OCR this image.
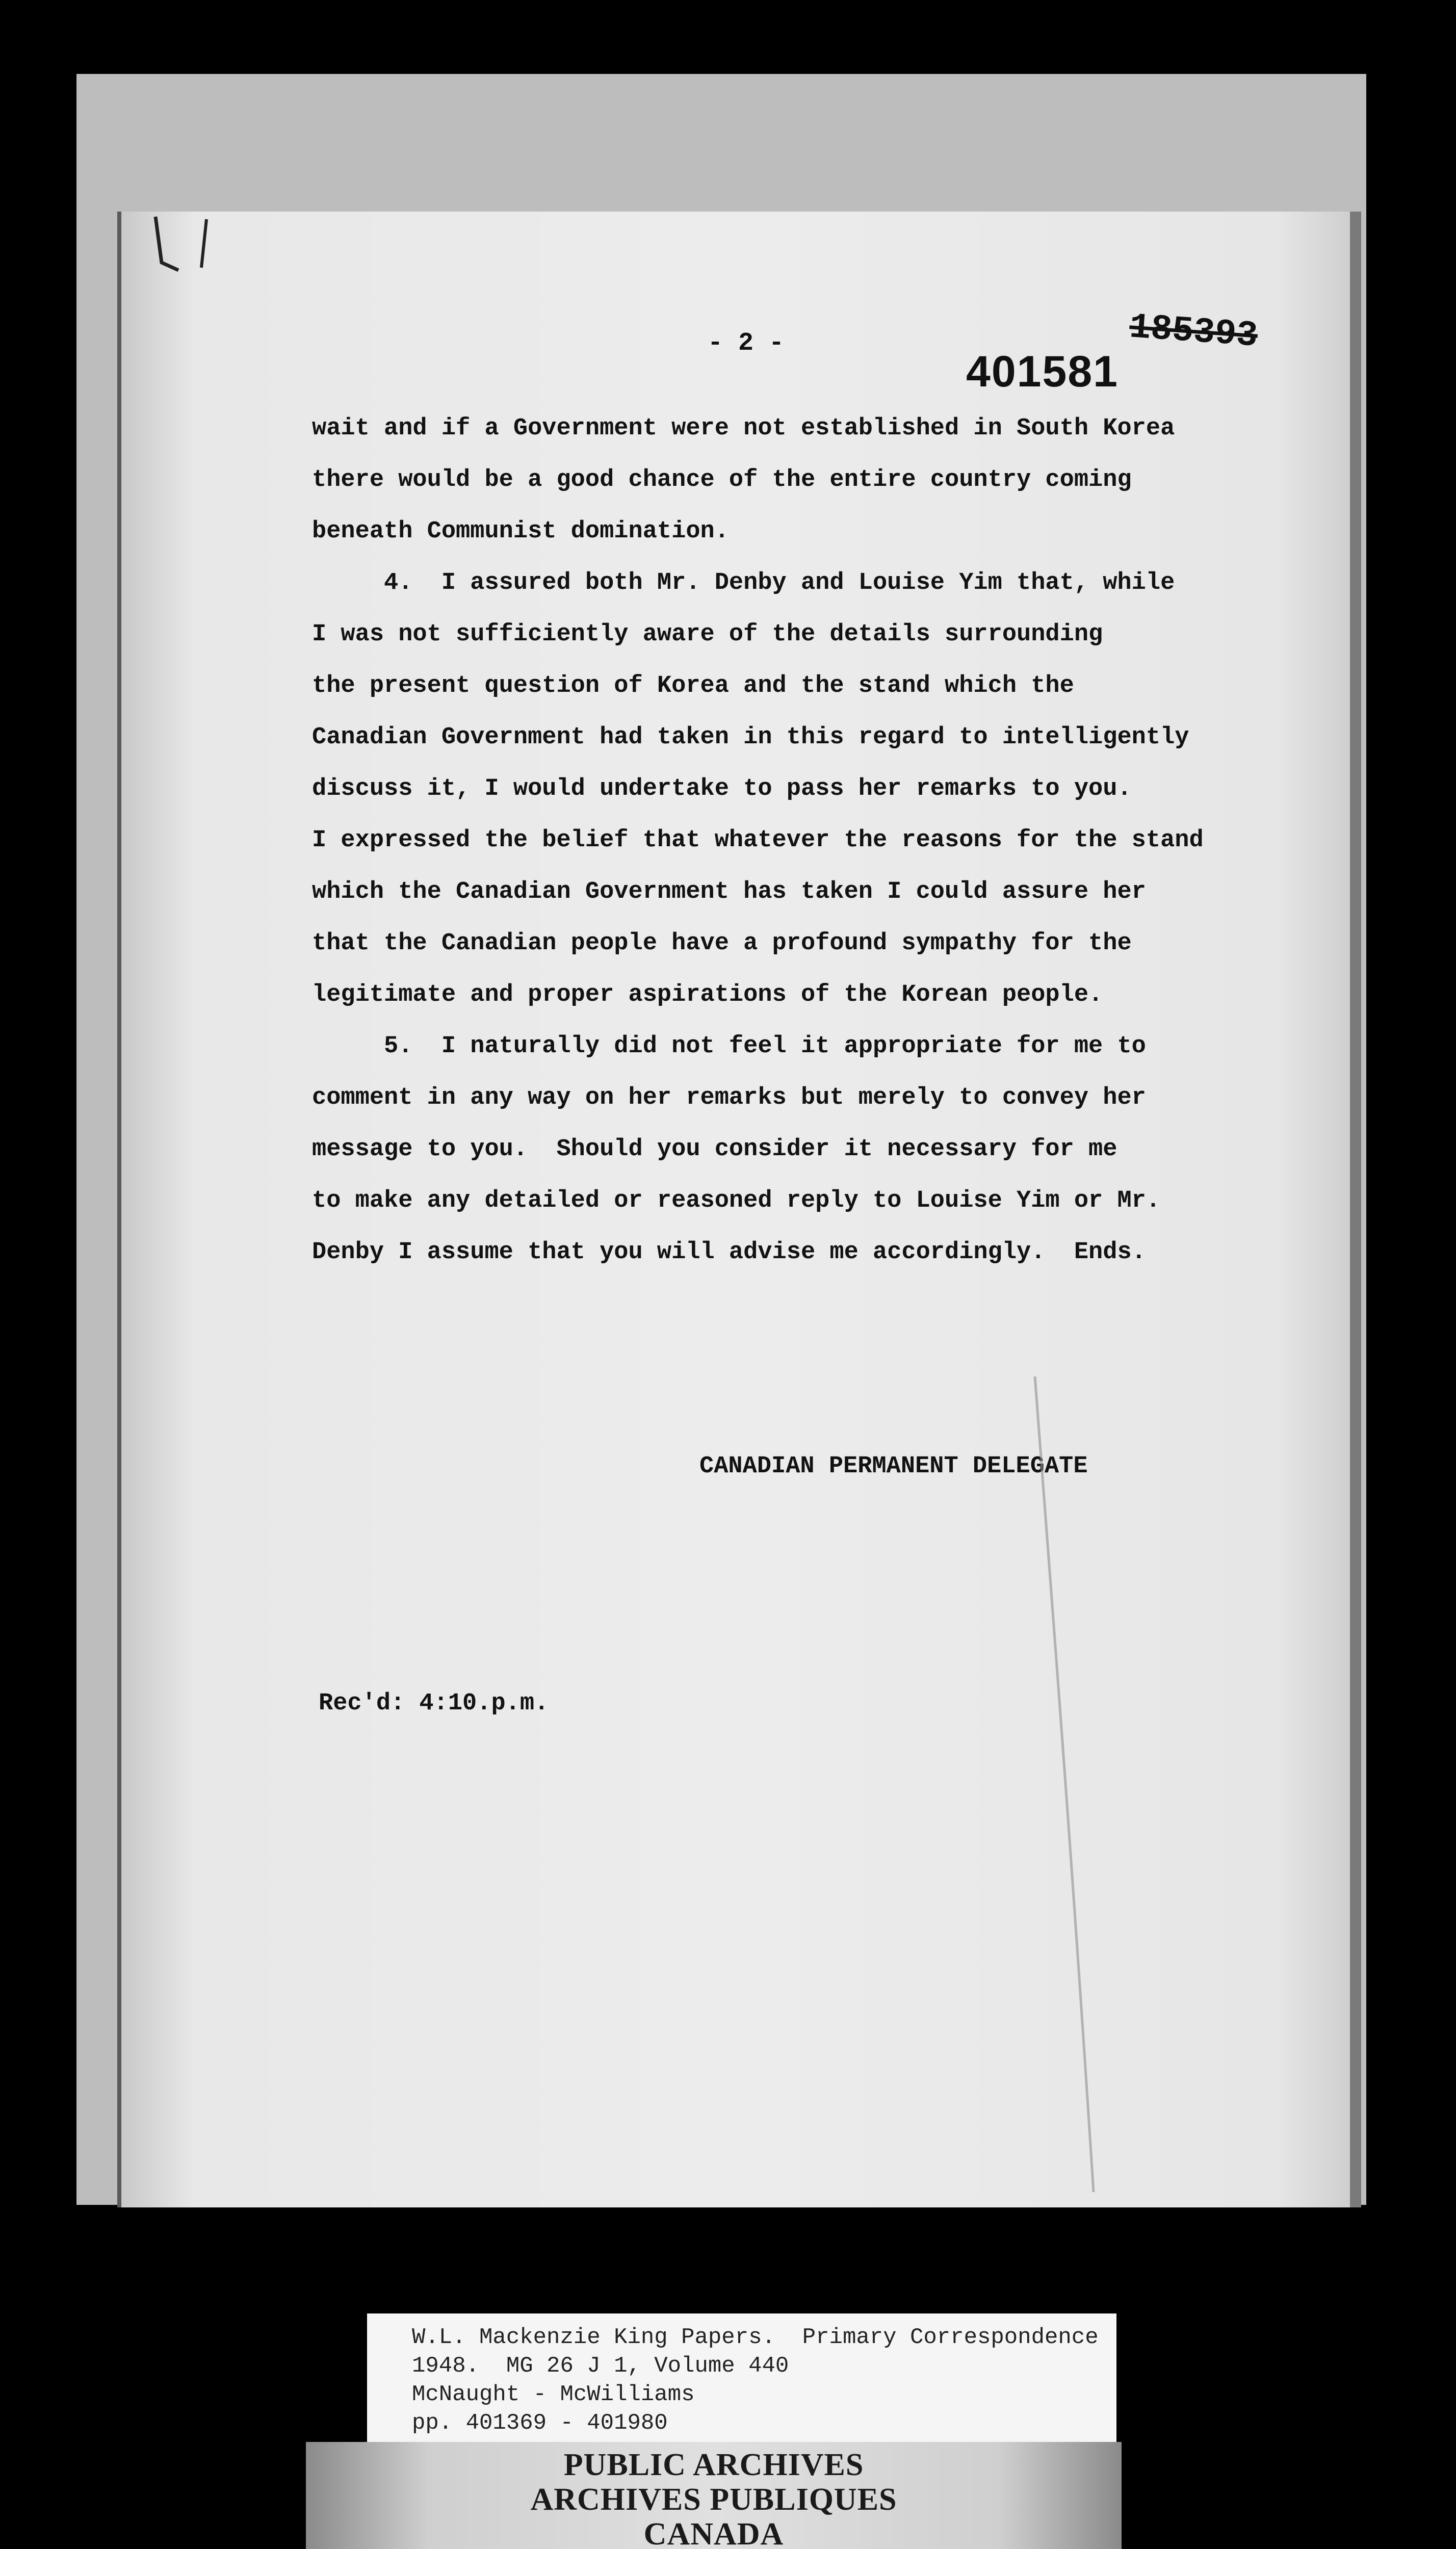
- 2 -	185393
401581
wait and if a Government were not established in South Korea
there would be a good chance of the entire country coming
beneath Communist domination.
4.  I assured both Mr. Denby and Louise Yim that, while
I was not sufficiently aware of the details surrounding
the present question of Korea and the stand which the
Canadian Government had taken in this regard to intelligently
discuss it, I would undertake to pass her remarks to you.
I expressed the belief that whatever the reasons for the stand
which the Canadian Government has taken I could assure her
that the Canadian people have a profound sympathy for the
legitimate and proper aspirations of the Korean people.
5.  I naturally did not feel it appropriate for me to
comment in any way on her remarks but merely to convey her
message to you.  Should you consider it necessary for me
to make any detailed or reasoned reply to Louise Yim or Mr.
Denby I assume that you will advise me accordingly.  Ends.
CANADIAN PERMANENT DELEGATE
Rec'd: 4:10.p.m.
W.L. Mackenzie King Papers.  Primary Correspondence
1948.  MG 26 J 1, Volume 440
McNaught - McWilliams
pp. 401369 - 401980
PUBLIC ARCHIVES
ARCHIVES PUBLIQUES
CANADA
